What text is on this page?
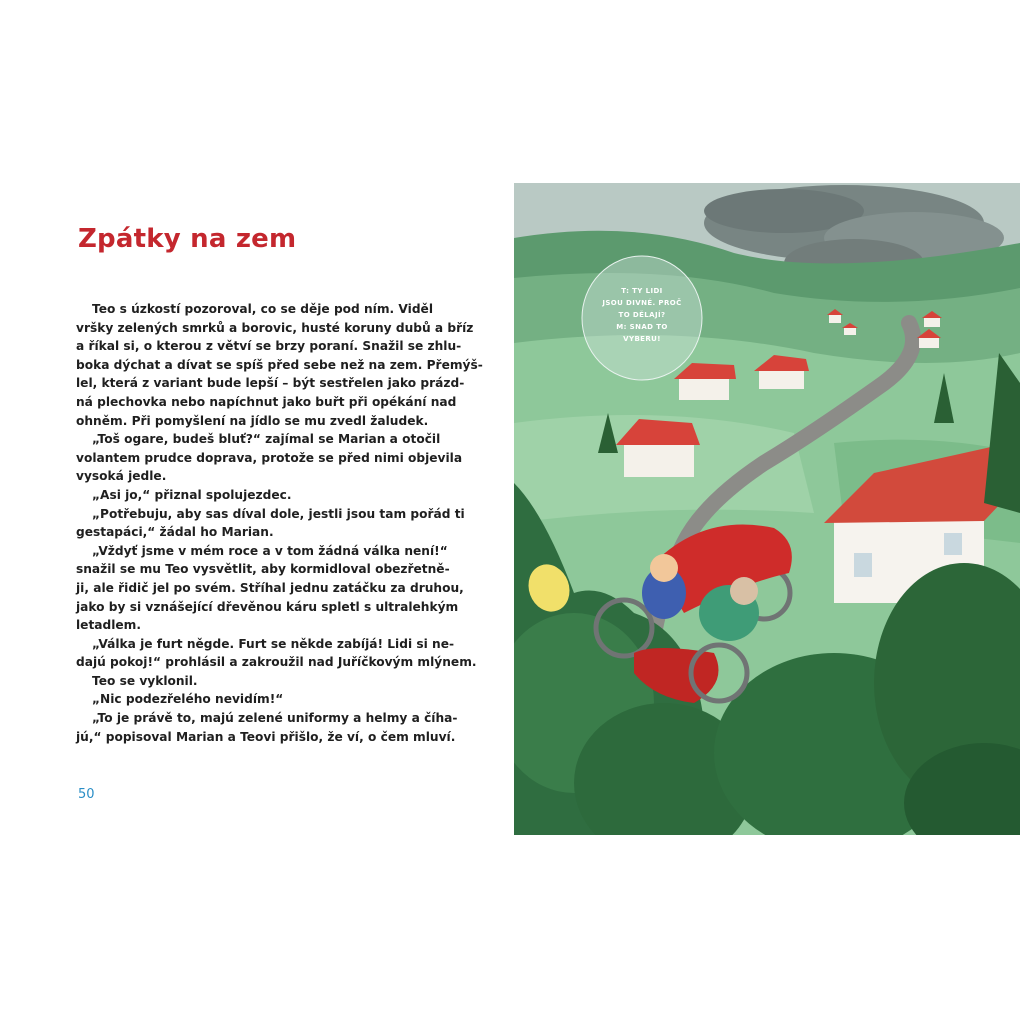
Zpátky na zem
Teo s úzkostí pozoroval, co se děje pod ním. Viděl
vršky zelených smrků a borovic, husté koruny dubů a bříz
a říkal si, o kterou z větví se brzy poraní. Snažil se zhlu-
boka dýchat a dívat se spíš před sebe než na zem. Přemýš-
lel, která z variant bude lepší – být sestřelen jako prázd-
ná plechovka nebo napíchnut jako buřt při opékání nad
ohněm. Při pomyšlení na jídlo se mu zvedl žaludek.
„Toš ogare, budeš bluť?“ zajímal se Marian a otočil
volantem prudce doprava, protože se před nimi objevila
vysoká jedle.
„Asi jo,“ přiznal spolujezdec.
„Potřebuju, aby sas díval dole, jestli jsou tam pořád ti
gestapáci,“ žádal ho Marian.
„Vždyť jsme v mém roce a v tom žádná válka není!“
snažil se mu Teo vysvětlit, aby kormidloval obezřetně-
ji, ale řidič jel po svém. Stříhal jednu zatáčku za druhou,
jako by si vznášející dřevěnou káru spletl s ultralehkým
letadlem.
„Válka je furt něgde. Furt se někde zabíjá! Lidi si ne-
dajú pokoj!“ prohlásil a zakroužil nad Juříčkovým mlýnem.
Teo se vyklonil.
„Nic podezřelého nevidím!“
„To je právě to, majú zelené uniformy a helmy a číha-
jú,“ popisoval Marian a Teovi přišlo, že ví, o čem mluví.
50
T: TY LIDI
JSOU DIVNÉ. PROČ
TO DĚLAJÍ?
M: SNAD TO
VYBERU!
